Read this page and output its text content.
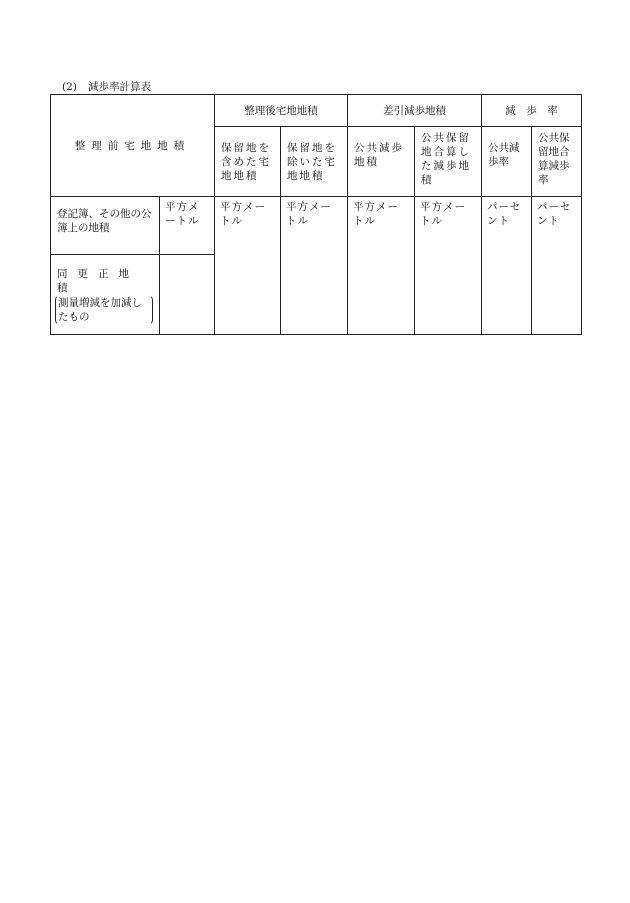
(2) 減歩率計算表
整理前宅地地積		整理後宅地地積		差引減歩地積		減　歩　率	
		保留地を含めた宅地地積	保留地を除いた宅地地積	公共減歩地積	公共保留地合算した減歩地積	公共減歩率	公共保留地合算減歩率
登記簿、その他の公簿上の地積	平方メートル	平方メートル	平方メートル	平方メートル	平方メートル	パーセント	パーセント

同更正地積
測量増減を加減したもの							
